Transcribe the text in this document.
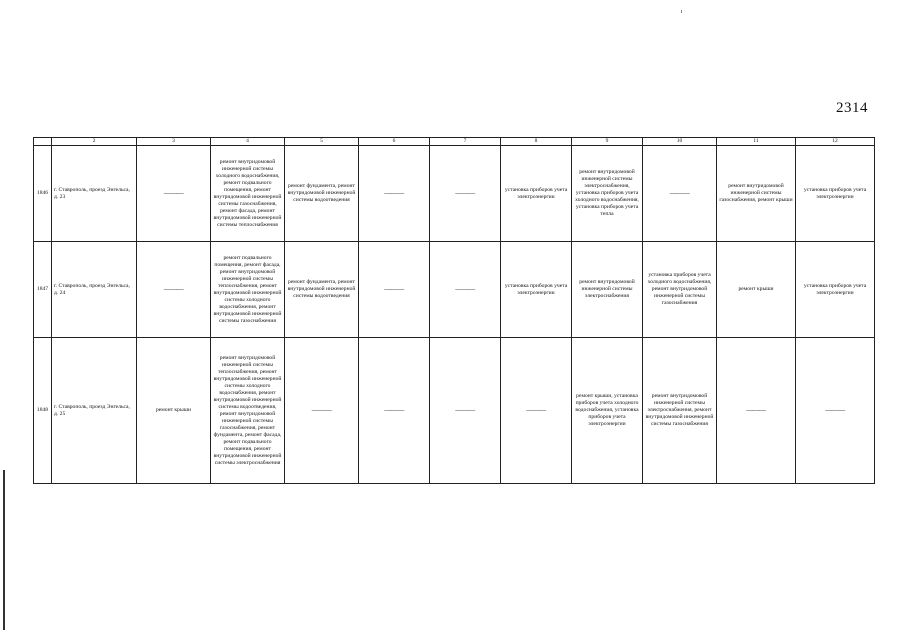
2314
	2	3	4	5	6	7	8	9	10	11	12
1846	г. Ставрополь, проезд Энгельса, д. 23	———	ремонт внутридомовой инженерной системы холодного водоснабжения, ремонт подвального помещения, ремонт внутридомовой инженерной системы газоснабжения, ремонт фасада, ремонт внутридомовой инженерной системы теплоснабжения	ремонт фундамента, ремонт внутридомовой инженерной системы водоотведения	———	———	установка приборов учета электроэнергии	ремонт внутридомовой инженерной системы электроснабжения, установка приборов учета холодного водоснабжения, установка приборов учета тепла	———	ремонт внутридомовой инженерной системы газоснабжения, ремонт крыши	установка приборов учета электроэнергии
1847	г. Ставрополь, проезд Энгельса, д. 24	———	ремонт подвального помещения, ремонт фасада, ремонт внутридомовой инженерной системы теплоснабжения, ремонт внутридомовой инженерной системы холодного водоснабжения, ремонт внутридомовой инженерной системы газоснабжения	ремонт фундамента, ремонт внутридомовой инженерной системы водоотведения	———	———	установка приборов учета электроэнергии	ремонт внутридомовой инженерной системы электроснабжения	установка приборов учета холодного водоснабжения, ремонт внутридомовой инженерной системы газоснабжения	ремонт крыши	установка приборов учета электроэнергии
1848	г. Ставрополь, проезд Энгельса, д. 25	ремонт крыши	ремонт внутридомовой инженерной системы теплоснабжения, ремонт внутридомовой инженерной системы холодного водоснабжения, ремонт внутридомовой инженерной системы водоотведения, ремонт внутридомовой инженерной системы газоснабжения, ремонт фундамента, ремонт фасада, ремонт подвального помещения, ремонт внутридомовой инженерной системы электроснабжения	———	———	———	———	ремонт крыши, установка приборов учета холодного водоснабжения, установка приборов учета электроэнергии	ремонт внутридомовой инженерной системы электроснабжения, ремонт внутридомовой инженерной системы газоснабжения	———	———
